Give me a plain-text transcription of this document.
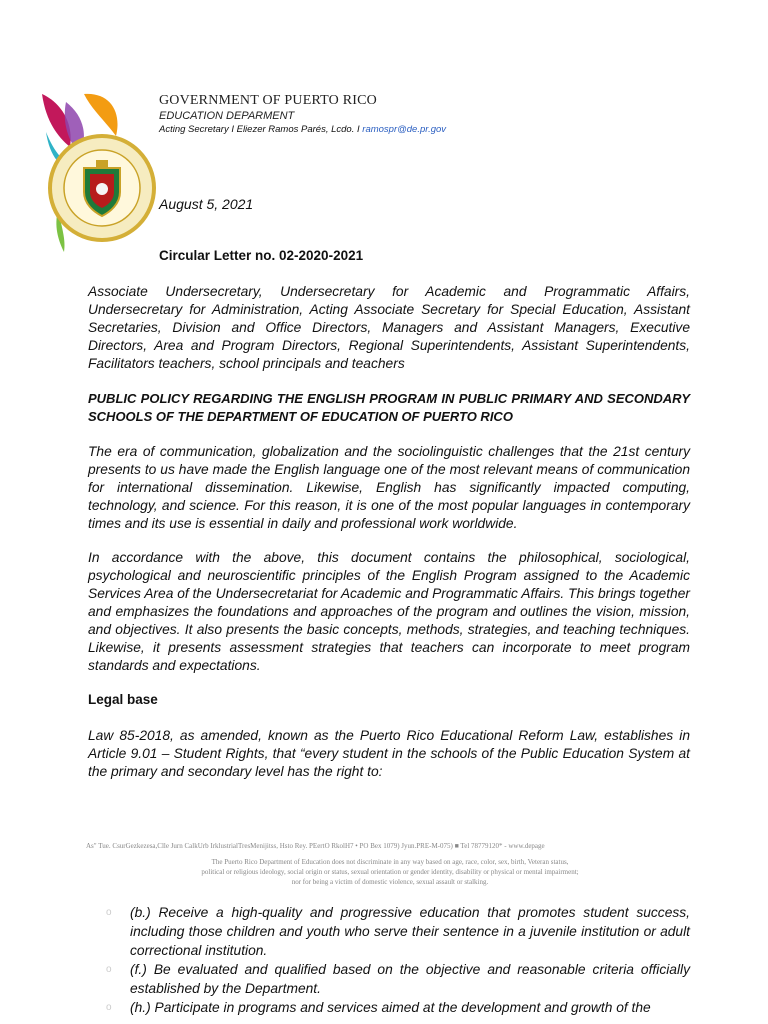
GOVERNMENT OF PUERTO RICO
EDUCATION DEPARMENT
Acting Secretary I Eliezer Ramos Parés, Lcdo. I ramospr@de.pr.gov
August 5, 2021
Circular Letter no. 02-2020-2021
Associate Undersecretary, Undersecretary for Academic and Programmatic Affairs, Undersecretary for Administration, Acting Associate Secretary for Special Education, Assistant Secretaries, Division and Office Directors, Managers and Assistant Managers, Executive Directors, Area and Program Directors, Regional Superintendents, Assistant Superintendents, Facilitators teachers, school principals and teachers
PUBLIC POLICY REGARDING THE ENGLISH PROGRAM IN PUBLIC PRIMARY AND SECONDARY SCHOOLS OF THE DEPARTMENT OF EDUCATION OF PUERTO RICO
The era of communication, globalization and the sociolinguistic challenges that the 21st century presents to us have made the English language one of the most relevant means of communication for international dissemination. Likewise, English has significantly impacted computing, technology, and science. For this reason, it is one of the most popular languages in contemporary times and its use is essential in daily and professional work worldwide.
In accordance with the above, this document contains the philosophical, sociological, psychological and neuroscientific principles of the English Program assigned to the Academic Services Area of the Undersecretariat for Academic and Programmatic Affairs. This brings together and emphasizes the foundations and approaches of the program and outlines the vision, mission, and objectives. It also presents the basic concepts, methods, strategies, and teaching techniques. Likewise, it presents assessment strategies that teachers can incorporate to meet program standards and expectations.
Legal base
Law 85-2018, as amended, known as the Puerto Rico Educational Reform Law, establishes in Article 9.01 – Student Rights, that “every student in the schools of the Public Education System at the primary and secondary level has the right to:
As" Tue. CsurGezkezesa,Clle Jurn CalkUrb IrklustrialTresMenijitss, Hsto Rey. PEertO RkolH7 • PO Bex 1079) Jyun.PRE-M-075) ■ Tel 78779120* - www.depage
The Puerto Rico Department of Education does not discriminate in any way based on age, race, color, sex, birth, Veteran status, political or religious ideology, social origin or status, sexual orientation or gender identity, disability or physical or mental impairment; nor for being a victim of domestic violence, sexual assault or stalking.
o (b.) Receive a high-quality and progressive education that promotes student success, including those children and youth who serve their sentence in a juvenile institution or adult correctional institution.
o (f.) Be evaluated and qualified based on the objective and reasonable criteria officially established by the Department.
o (h.) Participate in programs and services aimed at the development and growth of the
